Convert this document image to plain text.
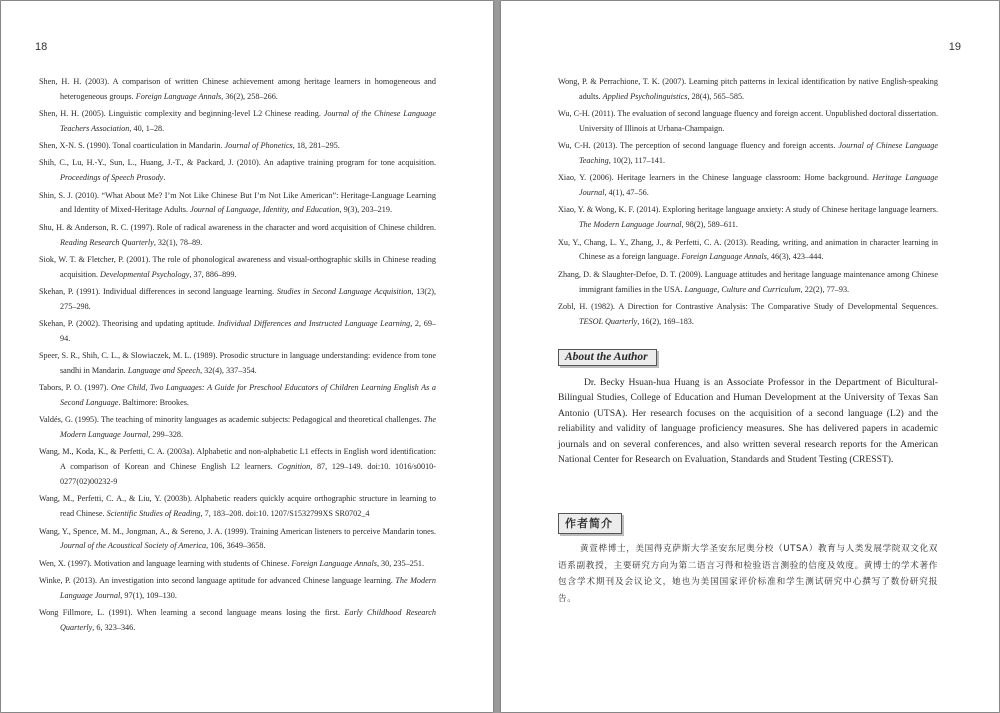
18

Shen, H. H. (2003). A comparison of written Chinese achievement among heritage learners in homogeneous and heterogeneous groups. Foreign Language Annals, 36(2), 258–266.

Shen, H. H. (2005). Linguistic complexity and beginning-level L2 Chinese reading. Journal of the Chinese Language Teachers Association, 40, 1–28.

Shen, X-N. S. (1990). Tonal coarticulation in Mandarin. Journal of Phonetics, 18, 281–295.

Shih, C., Lu, H.-Y., Sun, L., Huang, J.-T., & Packard, J. (2010). An adaptive training program for tone acquisition. Proceedings of Speech Prosody.

Shin, S. J. (2010). “What About Me? I’m Not Like Chinese But I’m Not Like American”: Heritage-Language Learning and Identity of Mixed-Heritage Adults. Journal of Language, Identity, and Education, 9(3), 203–219.

Shu, H. & Anderson, R. C. (1997). Role of radical awareness in the character and word acquisition of Chinese children. Reading Research Quarterly, 32(1), 78–89.

Siok, W. T. & Fletcher, P. (2001). The role of phonological awareness and visual-orthographic skills in Chinese reading acquisition. Developmental Psychology, 37, 886–899.

Skehan, P. (1991). Individual differences in second language learning. Studies in Second Language Acquisition, 13(2), 275–298.

Skehan, P. (2002). Theorising and updating aptitude. Individual Differences and Instructed Language Learning, 2, 69–94.

Speer, S. R., Shih, C. L., & Slowiaczek, M. L. (1989). Prosodic structure in language understanding: evidence from tone sandhi in Mandarin. Language and Speech, 32(4), 337–354.

Tabors, P. O. (1997). One Child, Two Languages: A Guide for Preschool Educators of Children Learning English As a Second Language. Baltimore: Brookes.

Valdés, G. (1995). The teaching of minority languages as academic subjects: Pedagogical and theoretical challenges. The Modern Language Journal, 299–328.

Wang, M., Koda, K., & Perfetti, C. A. (2003a). Alphabetic and non-alphabetic L1 effects in English word identification: A comparison of Korean and Chinese English L2 learners. Cognition, 87, 129–149. doi:10. 1016/s0010-0277(02)00232-9

Wang, M., Perfetti, C. A., & Liu, Y. (2003b). Alphabetic readers quickly acquire orthographic structure in learning to read Chinese. Scientific Studies of Reading, 7, 183–208. doi:10. 1207/S1532799XS SR0702_4

Wang, Y., Spence, M. M., Jongman, A., & Sereno, J. A. (1999). Training American listeners to perceive Mandarin tones. Journal of the Acoustical Society of America, 106, 3649–3658.

Wen, X. (1997). Motivation and language learning with students of Chinese. Foreign Language Annals, 30, 235–251.

Winke, P. (2013). An investigation into second language aptitude for advanced Chinese language learning. The Modern Language Journal, 97(1), 109–130.

Wong Fillmore, L. (1991). When learning a second language means losing the first. Early Childhood Research Quarterly, 6, 323–346.

19

Wong, P. & Perrachione, T. K. (2007). Learning pitch patterns in lexical identification by native English-speaking adults. Applied Psycholinguistics, 28(4), 565–585.

Wu, C-H. (2011). The evaluation of second language fluency and foreign accent. Unpublished doctoral dissertation. University of Illinois at Urbana-Champaign.

Wu, C-H. (2013). The perception of second language fluency and foreign accents. Journal of Chinese Language Teaching, 10(2), 117–141.

Xiao, Y. (2006). Heritage learners in the Chinese language classroom: Home background. Heritage Language Journal, 4(1), 47–56.

Xiao, Y. & Wong, K. F. (2014). Exploring heritage language anxiety: A study of Chinese heritage language learners. The Modern Language Journal, 98(2), 589–611.

Xu, Y., Chang, L. Y., Zhang, J., & Perfetti, C. A. (2013). Reading, writing, and animation in character learning in Chinese as a foreign language. Foreign Language Annals, 46(3), 423–444.

Zhang, D. & Slaughter-Defoe, D. T. (2009). Language attitudes and heritage language maintenance among Chinese immigrant families in the USA. Language, Culture and Curriculum, 22(2), 77–93.

Zobl, H. (1982). A Direction for Contrastive Analysis: The Comparative Study of Developmental Sequences. TESOL Quarterly, 16(2), 169–183.

About the Author
Dr. Becky Hsuan-hua Huang is an Associate Professor in the Department of Bicultural-Bilingual Studies, College of Education and Human Development at the University of Texas San Antonio (UTSA). Her research focuses on the acquisition of a second language (L2) and the reliability and validity of language proficiency measures. She has delivered papers in academic journals and on several conferences, and also written several research reports for the American National Center for Research on Evaluation, Standards and Student Testing (CRESST).
作者简介
黄萱桦博士，美国得克萨斯大学圣安东尼奥分校（UTSA）教育与人类发展学院双文化双语系副教授，主要研究方向为第二语言习得和检验语言测验的信度及效度。黄博士的学术著作包含学术期刊及会议论文，她也为美国国家评价标准和学生测试研究中心撰写了数份研究报告。
